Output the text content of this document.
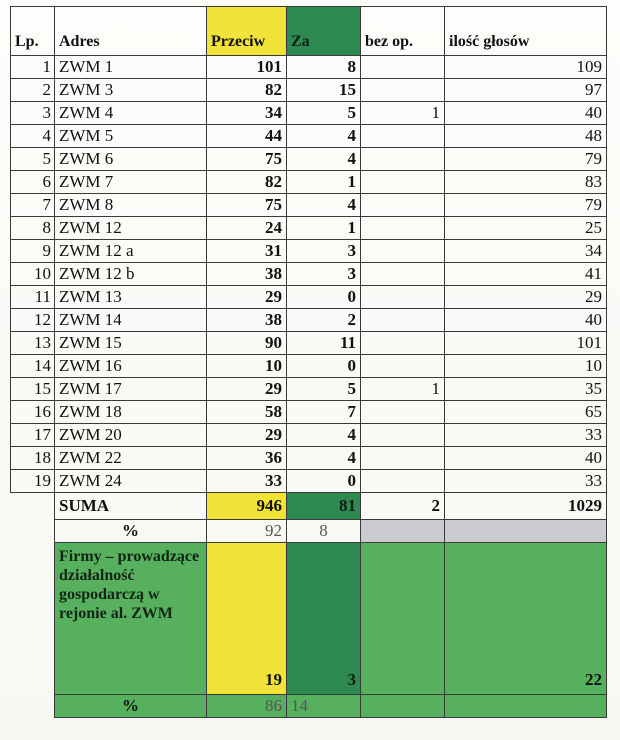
Lp.	Adres	Przeciw	Za	bez op.	ilość głosów
1	ZWM 1	101	8		109
2	ZWM 3	82	15		97
3	ZWM 4	34	5	1	40
4	ZWM 5	44	4		48
5	ZWM 6	75	4		79
6	ZWM 7	82	1		83
7	ZWM 8	75	4		79
8	ZWM 12	24	1		25
9	ZWM 12 a	31	3		34
10	ZWM 12 b	38	3		41
11	ZWM 13	29	0		29
12	ZWM 14	38	2		40
13	ZWM 15	90	11		101
14	ZWM 16	10	0		10
15	ZWM 17	29	5	1	35
16	ZWM 18	58	7		65
17	ZWM 20	29	4		33
18	ZWM 22	36	4		40
19	ZWM 24	33	0		33
	SUMA	946	81	2	1029
	%	92	8		
	Firmy – prowadzące działalność gospodarczą w rejonie al. ZWM	19	3		22
	%	86	14		
